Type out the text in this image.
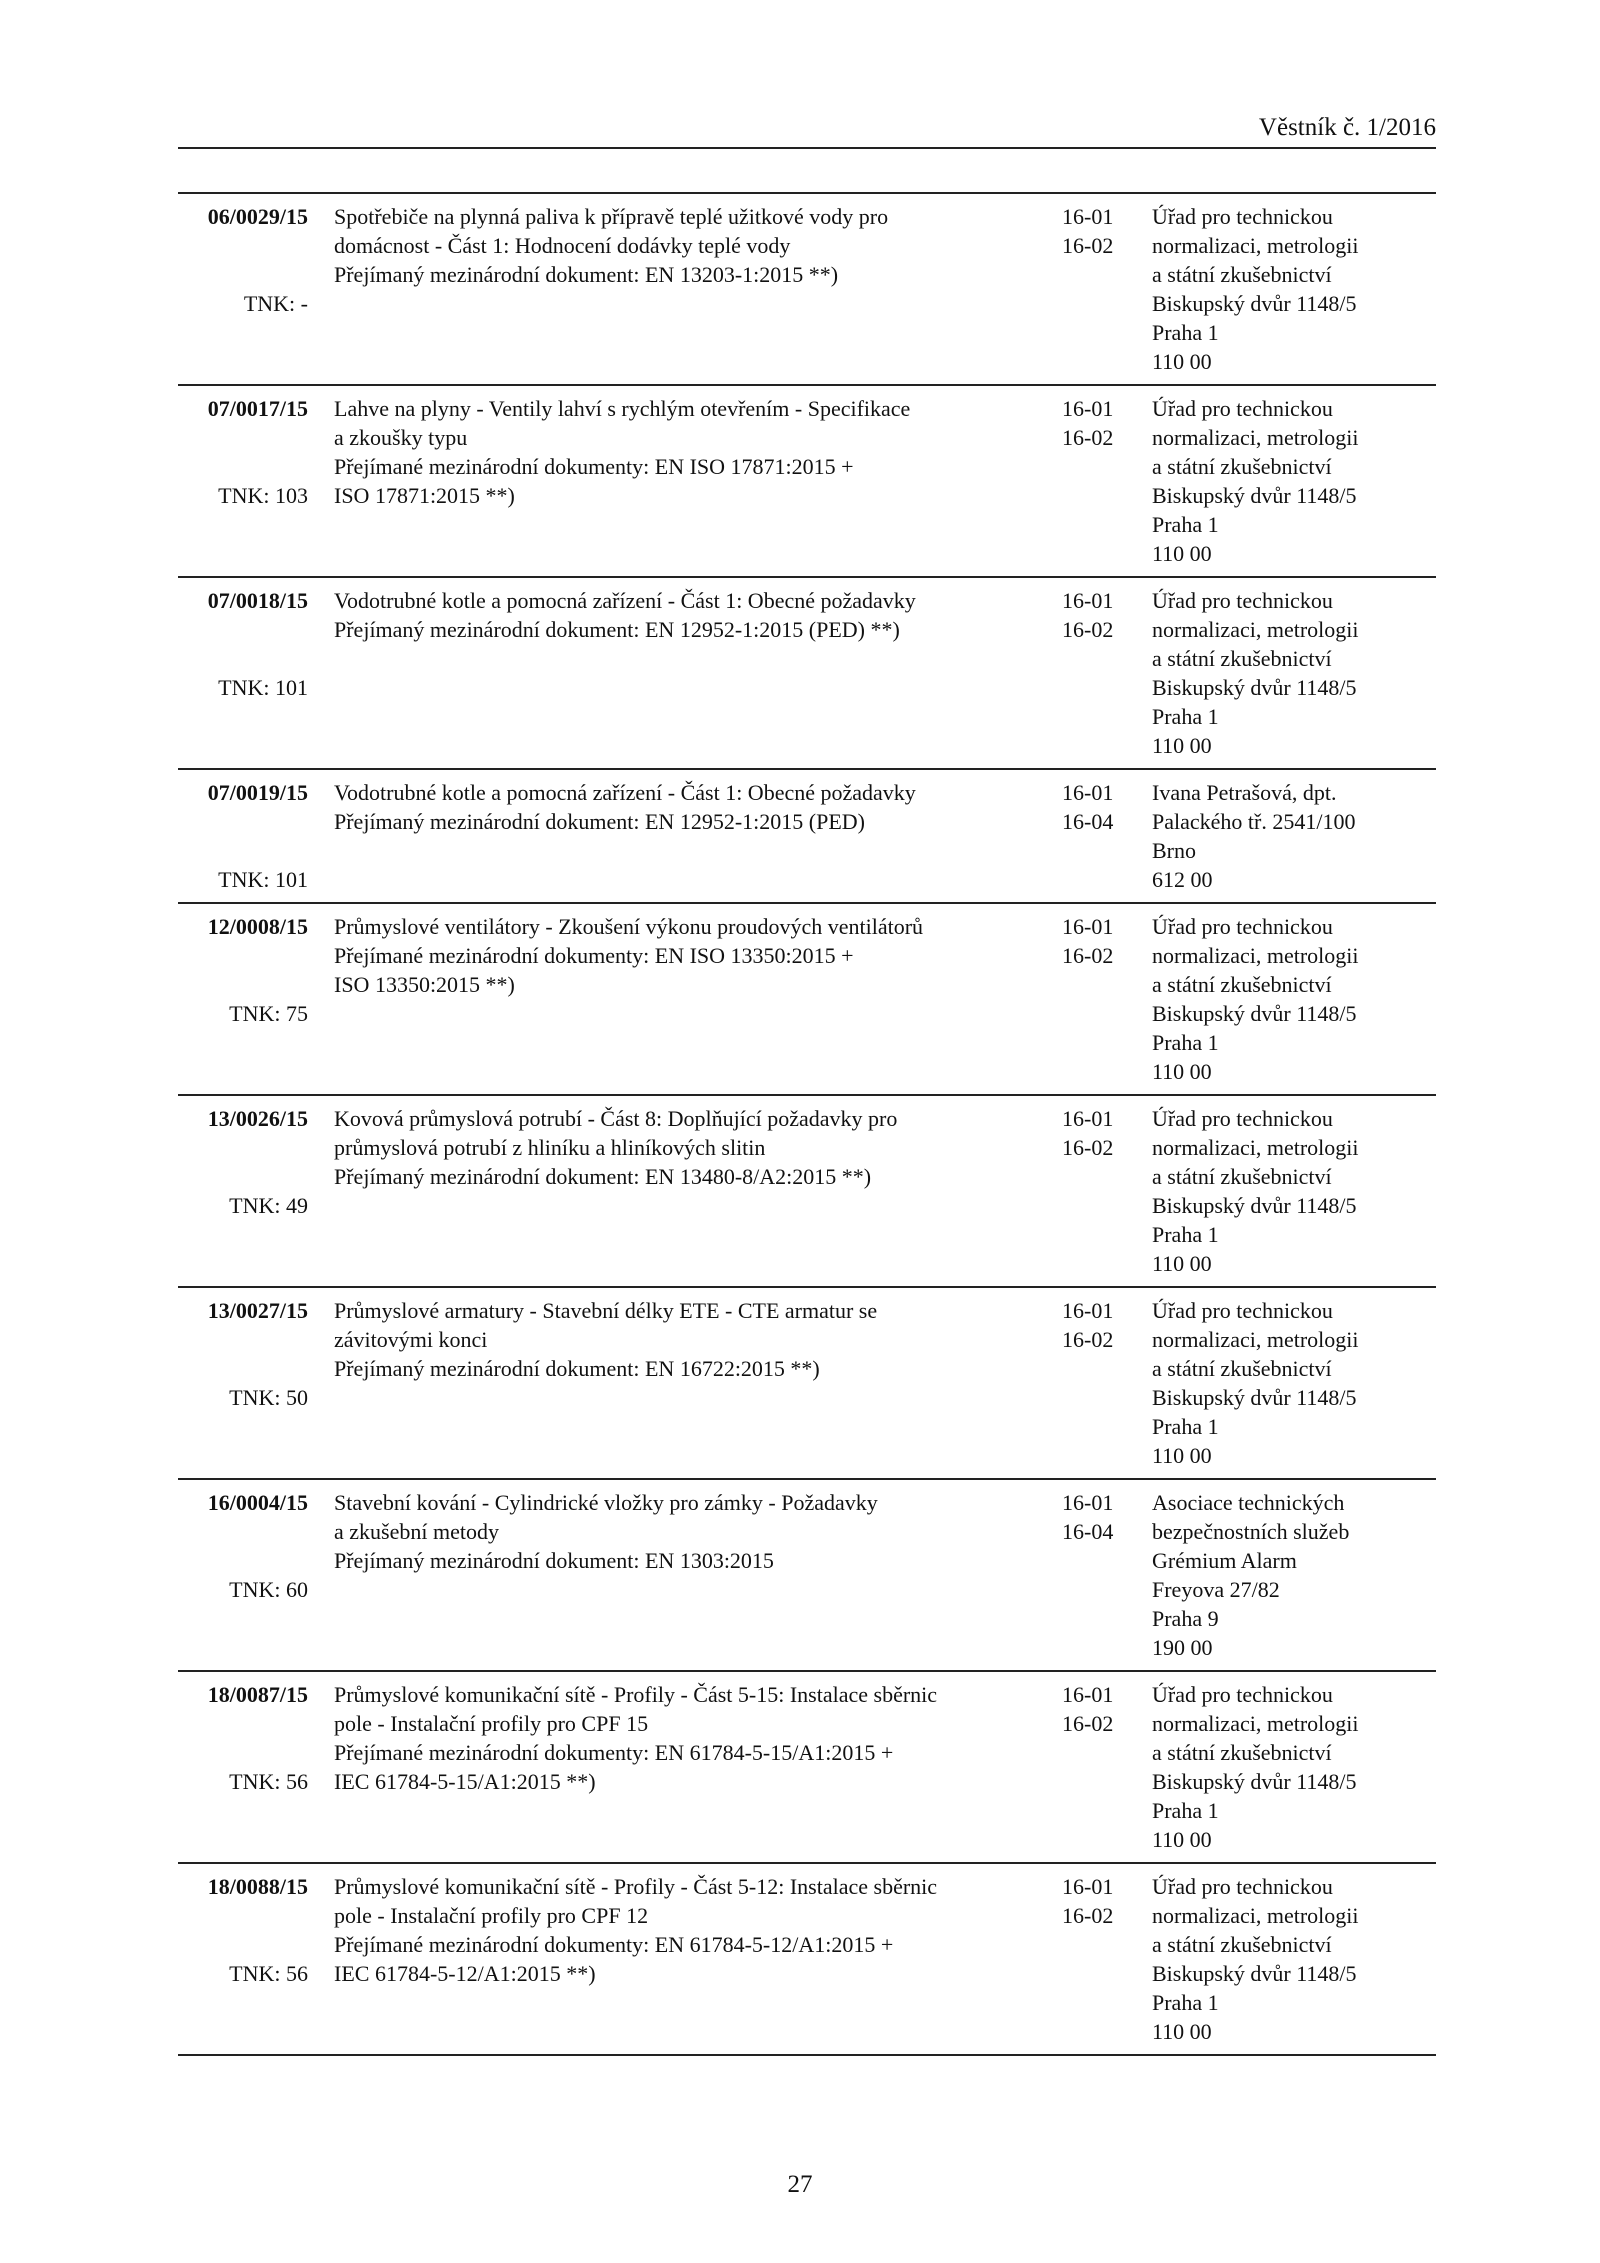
Věstník č. 1/2016
06/0029/15
TNK: -
Spotřebiče na plynná paliva k přípravě teplé užitkové vody pro
domácnost - Část 1: Hodnocení dodávky teplé vody
Přejímaný mezinárodní dokument: EN 13203-1:2015 **)
16-01
16-02
Úřad pro technickou
normalizaci, metrologii
a státní zkušebnictví
Biskupský dvůr 1148/5
Praha 1
110 00
07/0017/15
TNK: 103
Lahve na plyny - Ventily lahví s rychlým otevřením - Specifikace
a zkoušky typu
Přejímané mezinárodní dokumenty: EN ISO 17871:2015 +
ISO 17871:2015 **)
16-01
16-02
Úřad pro technickou
normalizaci, metrologii
a státní zkušebnictví
Biskupský dvůr 1148/5
Praha 1
110 00
07/0018/15
TNK: 101
Vodotrubné kotle a pomocná zařízení - Část 1: Obecné požadavky
Přejímaný mezinárodní dokument: EN 12952-1:2015 (PED) **)
16-01
16-02
Úřad pro technickou
normalizaci, metrologii
a státní zkušebnictví
Biskupský dvůr 1148/5
Praha 1
110 00
07/0019/15
TNK: 101
Vodotrubné kotle a pomocná zařízení - Část 1: Obecné požadavky
Přejímaný mezinárodní dokument: EN 12952-1:2015 (PED)
16-01
16-04
Ivana Petrašová, dpt.
Palackého tř. 2541/100
Brno
612 00
12/0008/15
TNK: 75
Průmyslové ventilátory - Zkoušení výkonu proudových ventilátorů
Přejímané mezinárodní dokumenty: EN ISO 13350:2015 +
ISO 13350:2015 **)
16-01
16-02
Úřad pro technickou
normalizaci, metrologii
a státní zkušebnictví
Biskupský dvůr 1148/5
Praha 1
110 00
13/0026/15
TNK: 49
Kovová průmyslová potrubí - Část 8: Doplňující požadavky pro
průmyslová potrubí z hliníku a hliníkových slitin
Přejímaný mezinárodní dokument: EN 13480-8/A2:2015 **)
16-01
16-02
Úřad pro technickou
normalizaci, metrologii
a státní zkušebnictví
Biskupský dvůr 1148/5
Praha 1
110 00
13/0027/15
TNK: 50
Průmyslové armatury - Stavební délky ETE - CTE armatur se
závitovými konci
Přejímaný mezinárodní dokument: EN 16722:2015 **)
16-01
16-02
Úřad pro technickou
normalizaci, metrologii
a státní zkušebnictví
Biskupský dvůr 1148/5
Praha 1
110 00
16/0004/15
TNK: 60
Stavební kování - Cylindrické vložky pro zámky - Požadavky
a zkušební metody
Přejímaný mezinárodní dokument: EN 1303:2015
16-01
16-04
Asociace technických
bezpečnostních služeb
Grémium Alarm
Freyova 27/82
Praha 9
190 00
18/0087/15
TNK: 56
Průmyslové komunikační sítě - Profily - Část 5-15: Instalace sběrnic
pole - Instalační profily pro CPF 15
Přejímané mezinárodní dokumenty: EN 61784-5-15/A1:2015 +
IEC 61784-5-15/A1:2015 **)
16-01
16-02
Úřad pro technickou
normalizaci, metrologii
a státní zkušebnictví
Biskupský dvůr 1148/5
Praha 1
110 00
18/0088/15
TNK: 56
Průmyslové komunikační sítě - Profily - Část 5-12: Instalace sběrnic
pole - Instalační profily pro CPF 12
Přejímané mezinárodní dokumenty: EN 61784-5-12/A1:2015 +
IEC 61784-5-12/A1:2015 **)
16-01
16-02
Úřad pro technickou
normalizaci, metrologii
a státní zkušebnictví
Biskupský dvůr 1148/5
Praha 1
110 00
27
